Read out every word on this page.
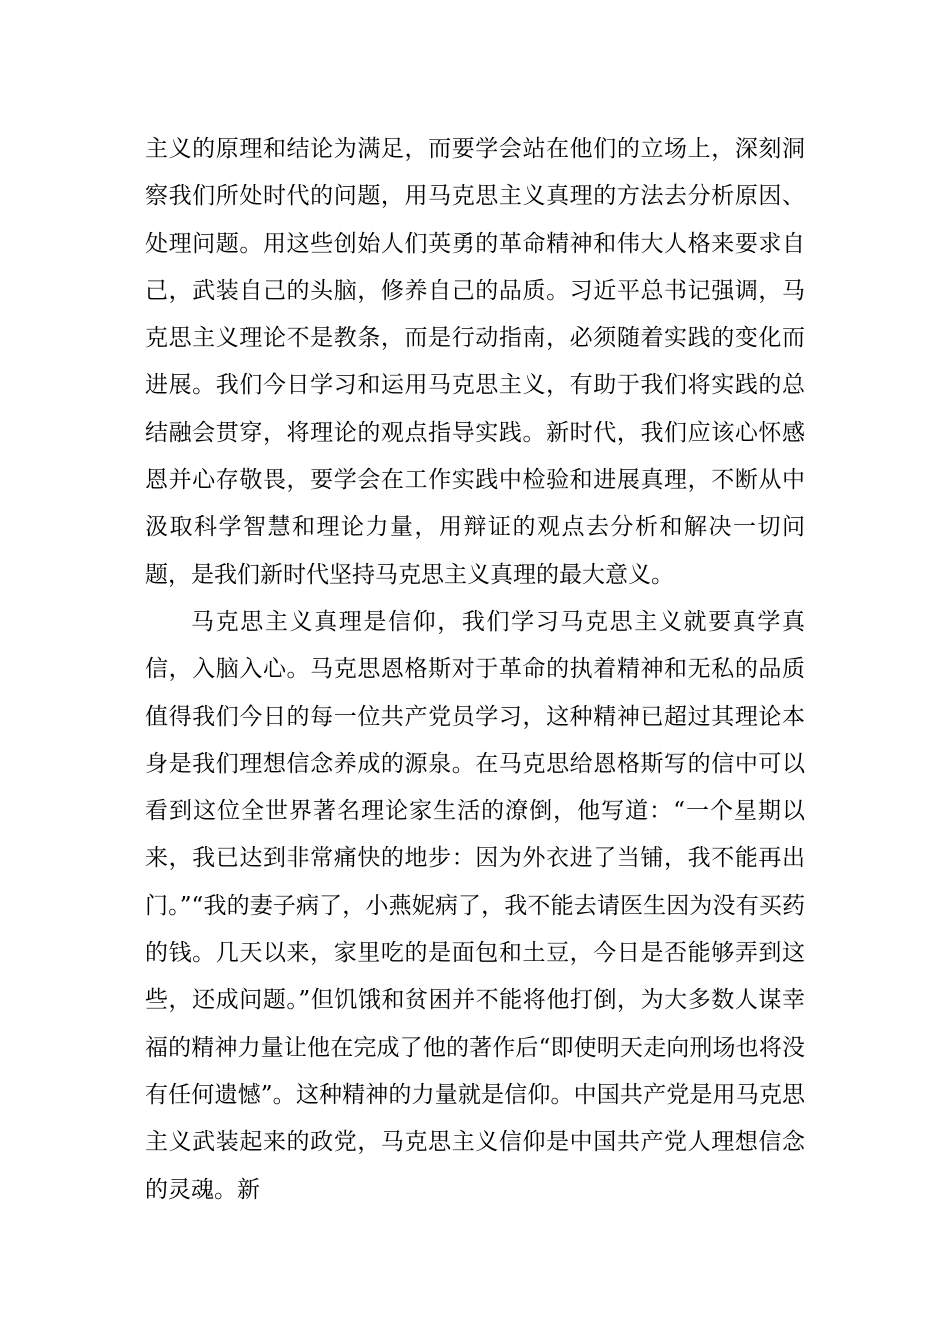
主义的原理和结论为满足，而要学会站在他们的立场上，深刻洞察我们所处时代的问题，用马克思主义真理的方法去分析原因、处理问题。用这些创始人们英勇的革命精神和伟大人格来要求自己，武装自己的头脑，修养自己的品质。习近平总书记强调，马克思主义理论不是教条，而是行动指南，必须随着实践的变化而进展。我们今日学习和运用马克思主义，有助于我们将实践的总结融会贯穿，将理论的观点指导实践。新时代，我们应该心怀感恩并心存敬畏，要学会在工作实践中检验和进展真理，不断从中汲取科学智慧和理论力量，用辩证的观点去分析和解决一切问题，是我们新时代坚持马克思主义真理的最大意义。

马克思主义真理是信仰，我们学习马克思主义就要真学真信，入脑入心。马克思恩格斯对于革命的执着精神和无私的品质值得我们今日的每一位共产党员学习，这种精神已超过其理论本身是我们理想信念养成的源泉。在马克思给恩格斯写的信中可以看到这位全世界著名理论家生活的潦倒，他写道：“一个星期以来，我已达到非常痛快的地步：因为外衣进了当铺，我不能再出门。”“我的妻子病了，小燕妮病了，我不能去请医生因为没有买药的钱。几天以来，家里吃的是面包和土豆，今日是否能够弄到这些，还成问题。”但饥饿和贫困并不能将他打倒，为大多数人谋幸福的精神力量让他在完成了他的著作后“即使明天走向刑场也将没有任何遗憾”。这种精神的力量就是信仰。中国共产党是用马克思主义武装起来的政党，马克思主义信仰是中国共产党人理想信念的灵魂。新
